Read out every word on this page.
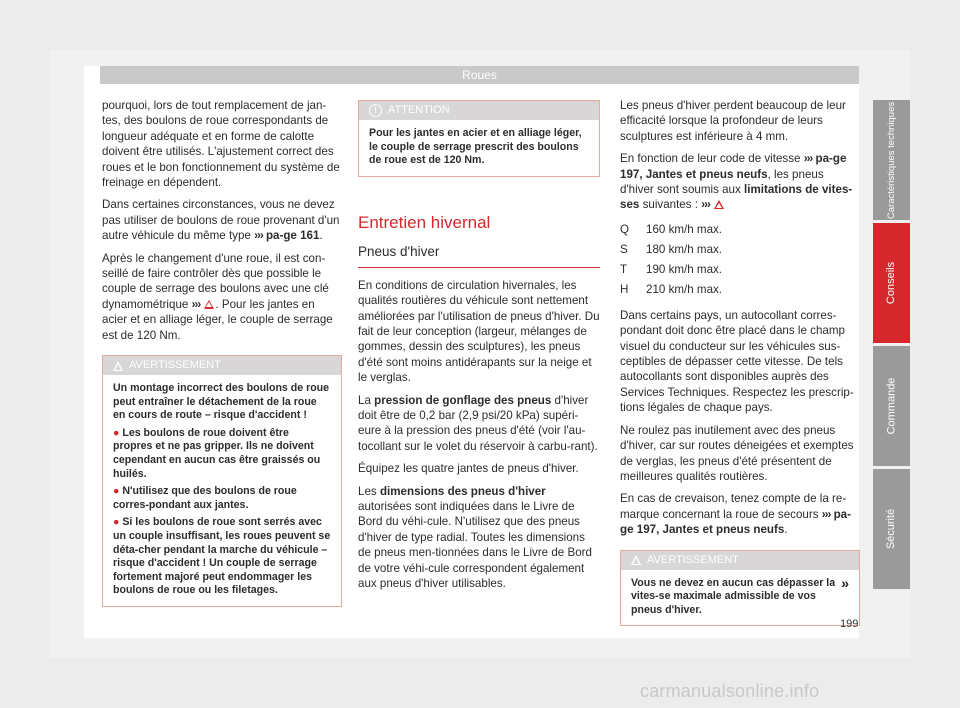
Roues

pourquoi, lors de tout remplacement de jan-tes, des boulons de roue correspondants de longueur adéquate et en forme de calotte doivent être utilisés. L'ajustement correct des roues et le bon fonctionnement du système de freinage en dépendent.

Dans certaines circonstances, vous ne devez pas utiliser de boulons de roue provenant d'un autre véhicule du même type ››› pa-ge 161.

Après le changement d'une roue, il est con-seillé de faire contrôler dès que possible le couple de serrage des boulons avec une clé dynamométrique ››› . Pour les jantes en acier et en alliage léger, le couple de serrage est de 120 Nm.

AVERTISSEMENT

Un montage incorrect des boulons de roue peut entraîner le détachement de la roue en cours de route – risque d'accident !

● Les boulons de roue doivent être propres et ne pas gripper. Ils ne doivent cependant en aucun cas être graissés ou huilés.

● N'utilisez que des boulons de roue corres-pondant aux jantes.

● Si les boulons de roue sont serrés avec un couple insuffisant, les roues peuvent se déta-cher pendant la marche du véhicule – risque d'accident ! Un couple de serrage fortement majoré peut endommager les boulons de roue ou les filetages.

!	ATTENTION
Pour les jantes en acier et en alliage léger, le couple de serrage prescrit des boulons de roue est de 120 Nm.
Entretien hivernal
Pneus d'hiver

En conditions de circulation hivernales, les qualités routières du véhicule sont nettement améliorées par l'utilisation de pneus d'hiver. Du fait de leur conception (largeur, mélanges de gommes, dessin des sculptures), les pneus d'été sont moins antidérapants sur la neige et le verglas.

La pression de gonflage des pneus d'hiver doit être de 0,2 bar (2,9 psi/20 kPa) supéri-eure à la pression des pneus d'été (voir l'au-tocollant sur le volet du réservoir à carbu-rant).

Équipez les quatre jantes de pneus d'hiver.

Les dimensions des pneus d'hiver autorisées sont indiquées dans le Livre de Bord du véhi-cule. N'utilisez que des pneus d'hiver de type radial. Toutes les dimensions de pneus men-tionnées dans le Livre de Bord de votre véhi-cule correspondent également aux pneus d'hiver utilisables.

Les pneus d'hiver perdent beaucoup de leur efficacité lorsque la profondeur de leurs sculptures est inférieure à 4 mm.

En fonction de leur code de vitesse ››› pa-ge 197, Jantes et pneus neufs, les pneus d'hiver sont soumis aux limitations de vites-ses suivantes : ›››

Q	160 km/h max.
S	180 km/h max.
T	190 km/h max.
H	210 km/h max.

Dans certains pays, un autocollant corres-pondant doit donc être placé dans le champ visuel du conducteur sur les véhicules sus-ceptibles de dépasser cette vitesse. De tels autocollants sont disponibles auprès des Services Techniques. Respectez les prescrip-tions légales de chaque pays.

Ne roulez pas inutilement avec des pneus d'hiver, car sur routes déneigées et exemptes de verglas, les pneus d'été présentent de meilleures qualités routières.

En cas de crevaison, tenez compte de la re-marque concernant la roue de secours ››› pa-ge 197, Jantes et pneus neufs.

AVERTISSEMENT
»
Vous ne devez en aucun cas dépasser la vites-se maximale admissible de vos pneus d'hiver.
Caractéristiques techniques
Conseils
Commande
Sécurité
199
carmanualsonline.info
